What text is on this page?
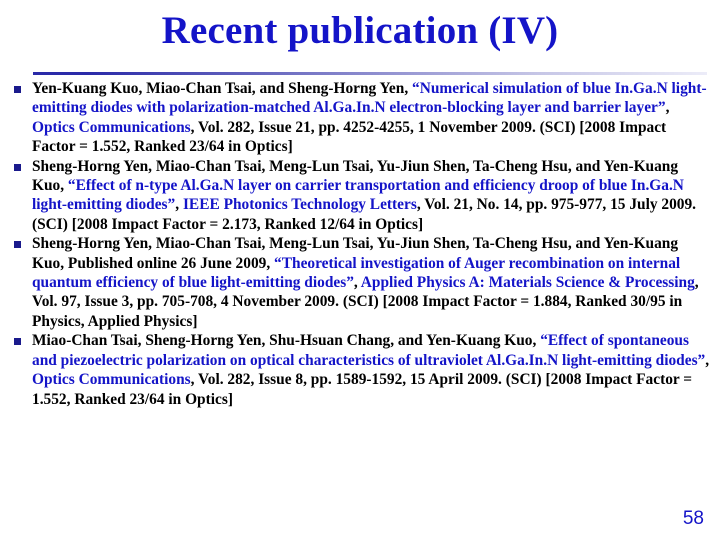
Recent publication (IV)
Yen-Kuang Kuo, Miao-Chan Tsai, and Sheng-Horng Yen, “Numerical simulation of blue In.Ga.N light-emitting diodes with polarization-matched Al.Ga.In.N electron-blocking layer and barrier layer”, Optics Communications, Vol. 282, Issue 21, pp. 4252-4255, 1 November 2009. (SCI) [2008 Impact Factor = 1.552, Ranked 23/64 in Optics]
Sheng-Horng Yen, Miao-Chan Tsai, Meng-Lun Tsai, Yu-Jiun Shen, Ta-Cheng Hsu, and Yen-Kuang Kuo, “Effect of n-type Al.Ga.N layer on carrier transportation and efficiency droop of blue In.Ga.N light-emitting diodes”, IEEE Photonics Technology Letters, Vol. 21, No. 14, pp. 975-977, 15 July 2009. (SCI) [2008 Impact Factor = 2.173, Ranked 12/64 in Optics]
Sheng-Horng Yen, Miao-Chan Tsai, Meng-Lun Tsai, Yu-Jiun Shen, Ta-Cheng Hsu, and Yen-Kuang Kuo, Published online 26 June 2009, “Theoretical investigation of Auger recombination on internal quantum efficiency of blue light-emitting diodes”, Applied Physics A: Materials Science & Processing, Vol. 97, Issue 3, pp. 705-708, 4 November 2009. (SCI) [2008 Impact Factor = 1.884, Ranked 30/95 in Physics, Applied Physics]
Miao-Chan Tsai, Sheng-Horng Yen, Shu-Hsuan Chang, and Yen-Kuang Kuo, “Effect of spontaneous and piezoelectric polarization on optical characteristics of ultraviolet Al.Ga.In.N light-emitting diodes”, Optics Communications, Vol. 282, Issue 8, pp. 1589-1592, 15 April 2009. (SCI) [2008 Impact Factor = 1.552, Ranked 23/64 in Optics]
58
